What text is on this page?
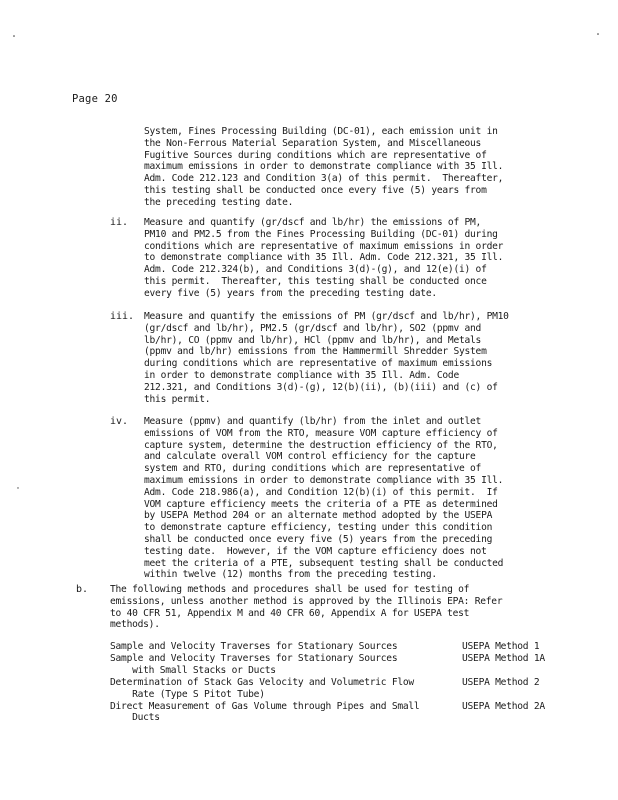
Page 20
System, Fines Processing Building (DC-01), each emission unit in
the Non-Ferrous Material Separation System, and Miscellaneous
Fugitive Sources during conditions which are representative of
maximum emissions in order to demonstrate compliance with 35 Ill.
Adm. Code 212.123 and Condition 3(a) of this permit.  Thereafter,
this testing shall be conducted once every five (5) years from
the preceding testing date.
ii. Measure and quantify (gr/dscf and lb/hr) the emissions of PM,
PM10 and PM2.5 from the Fines Processing Building (DC-01) during
conditions which are representative of maximum emissions in order
to demonstrate compliance with 35 Ill. Adm. Code 212.321, 35 Ill.
Adm. Code 212.324(b), and Conditions 3(d)-(g), and 12(e)(i) of
this permit.  Thereafter, this testing shall be conducted once
every five (5) years from the preceding testing date.
iii. Measure and quantify the emissions of PM (gr/dscf and lb/hr), PM10
(gr/dscf and lb/hr), PM2.5 (gr/dscf and lb/hr), SO2 (ppmv and
lb/hr), CO (ppmv and lb/hr), HCl (ppmv and lb/hr), and Metals
(ppmv and lb/hr) emissions from the Hammermill Shredder System
during conditions which are representative of maximum emissions
in order to demonstrate compliance with 35 Ill. Adm. Code
212.321, and Conditions 3(d)-(g), 12(b)(ii), (b)(iii) and (c) of
this permit.
iv. Measure (ppmv) and quantify (lb/hr) from the inlet and outlet
emissions of VOM from the RTO, measure VOM capture efficiency of
capture system, determine the destruction efficiency of the RTO,
and calculate overall VOM control efficiency for the capture
system and RTO, during conditions which are representative of
maximum emissions in order to demonstrate compliance with 35 Ill.
Adm. Code 218.986(a), and Condition 12(b)(i) of this permit.  If
VOM capture efficiency meets the criteria of a PTE as determined
by USEPA Method 204 or an alternate method adopted by the USEPA
to demonstrate capture efficiency, testing under this condition
shall be conducted once every five (5) years from the preceding
testing date.  However, if the VOM capture efficiency does not
meet the criteria of a PTE, subsequent testing shall be conducted
within twelve (12) months from the preceding testing.
b. The following methods and procedures shall be used for testing of
emissions, unless another method is approved by the Illinois EPA: Refer
to 40 CFR 51, Appendix M and 40 CFR 60, Appendix A for USEPA test
methods).
Sample and Velocity Traverses for Stationary Sources	USEPA Method 1
Sample and Velocity Traverses for Stationary Sources
with Small Stacks or Ducts
USEPA Method 1A
Determination of Stack Gas Velocity and Volumetric Flow
Rate (Type S Pitot Tube)
USEPA Method 2
Direct Measurement of Gas Volume through Pipes and Small
Ducts
USEPA Method 2A
